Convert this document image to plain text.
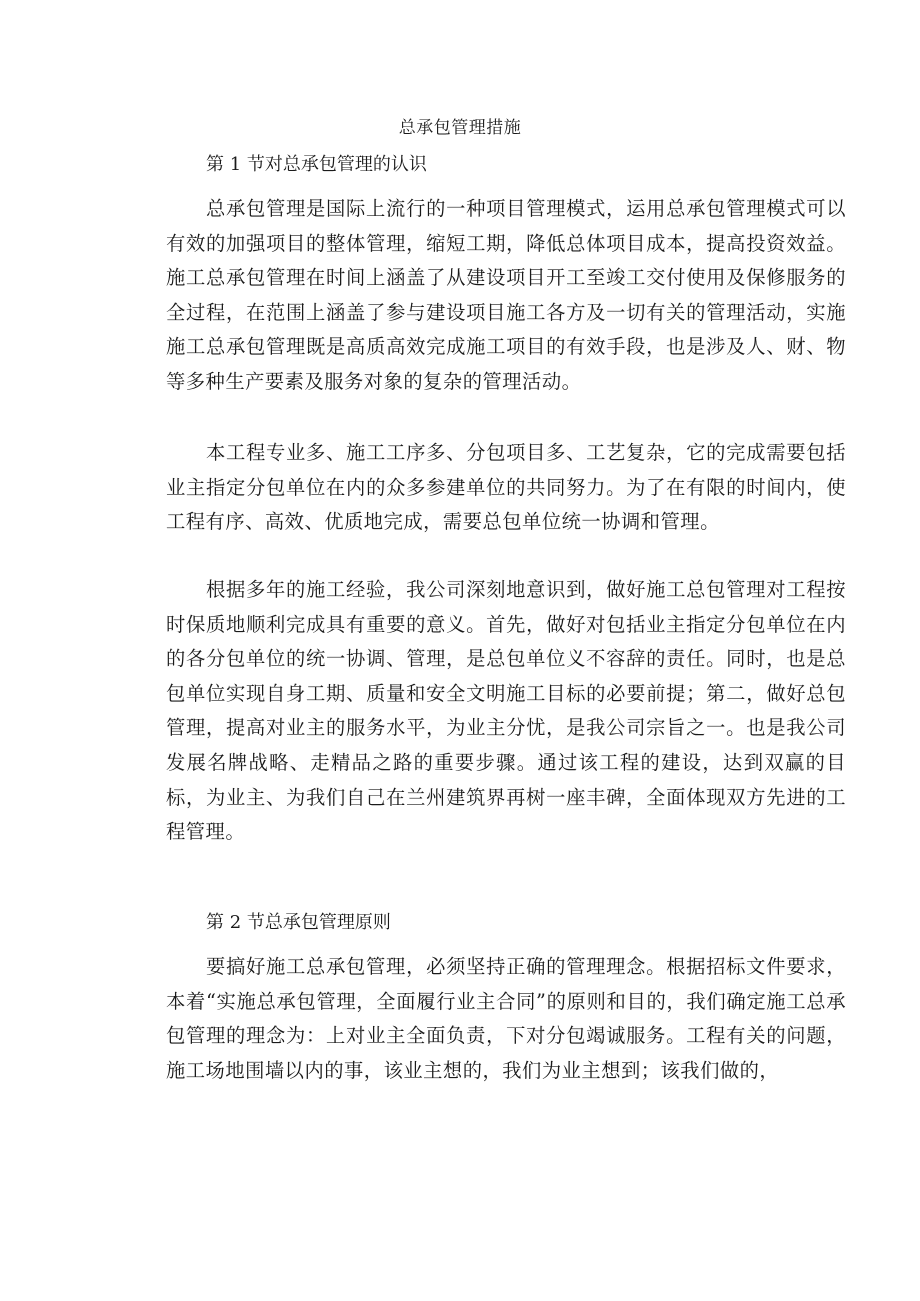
总承包管理措施
第 1 节对总承包管理的认识

总承包管理是国际上流行的一种项目管理模式，运用总承包管理模式可以有效的加强项目的整体管理，缩短工期，降低总体项目成本，提高投资效益。施工总承包管理在时间上涵盖了从建设项目开工至竣工交付使用及保修服务的全过程，在范围上涵盖了参与建设项目施工各方及一切有关的管理活动，实施施工总承包管理既是高质高效完成施工项目的有效手段，也是涉及人、财、物等多种生产要素及服务对象的复杂的管理活动。

本工程专业多、施工工序多、分包项目多、工艺复杂，它的完成需要包括业主指定分包单位在内的众多参建单位的共同努力。为了在有限的时间内，使工程有序、高效、优质地完成，需要总包单位统一协调和管理。

根据多年的施工经验，我公司深刻地意识到，做好施工总包管理对工程按时保质地顺利完成具有重要的意义。首先，做好对包括业主指定分包单位在内的各分包单位的统一协调、管理，是总包单位义不容辞的责任。同时，也是总包单位实现自身工期、质量和安全文明施工目标的必要前提；第二，做好总包管理，提高对业主的服务水平，为业主分忧，是我公司宗旨之一。也是我公司发展名牌战略、走精品之路的重要步骤。通过该工程的建设，达到双赢的目标，为业主、为我们自己在兰州建筑界再树一座丰碑，全面体现双方先进的工程管理。

第 2 节总承包管理原则

要搞好施工总承包管理，必须坚持正确的管理理念。根据招标文件要求，本着“实施总承包管理，全面履行业主合同”的原则和目的，我们确定施工总承包管理的理念为：上对业主全面负责，下对分包竭诚服务。工程有关的问题，施工场地围墙以内的事，该业主想的，我们为业主想到；该我们做的，
